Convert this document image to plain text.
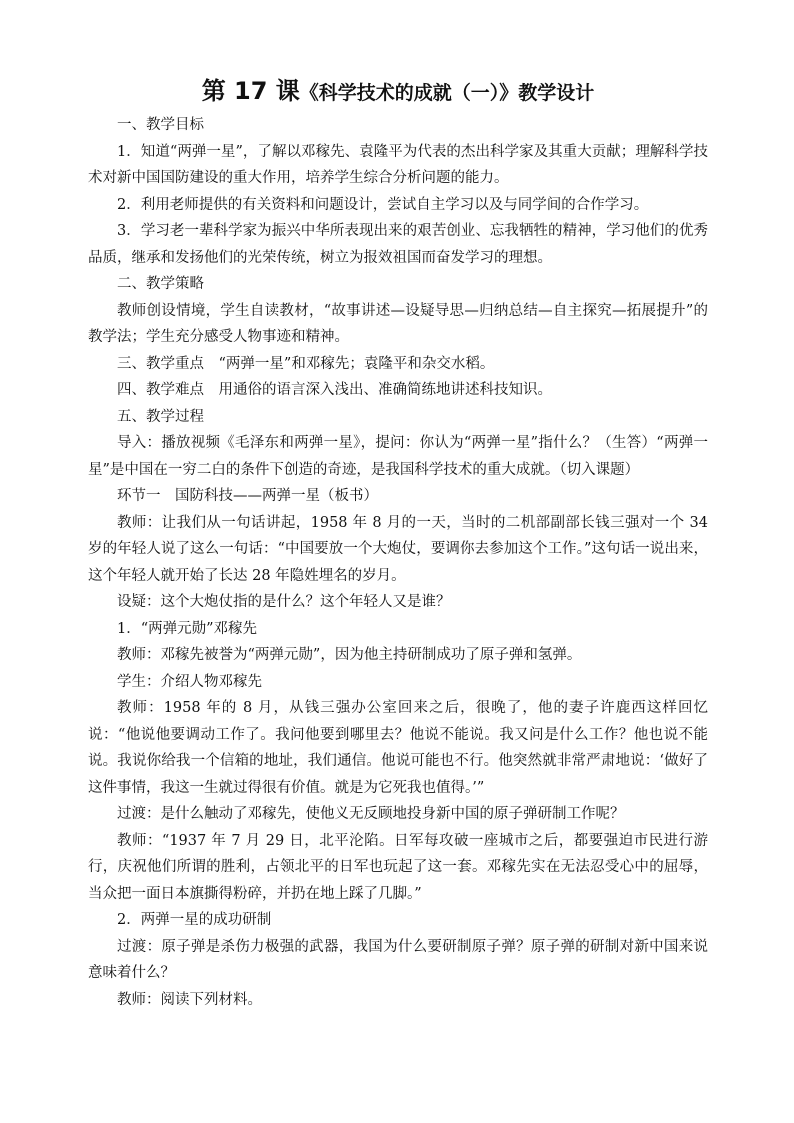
第 17 课《科学技术的成就（一）》教学设计

一、教学目标

1．知道“两弹一星”，了解以邓稼先、袁隆平为代表的杰出科学家及其重大贡献；理解科学技术对新中国国防建设的重大作用，培养学生综合分析问题的能力。

2．利用老师提供的有关资料和问题设计，尝试自主学习以及与同学间的合作学习。

3．学习老一辈科学家为振兴中华所表现出来的艰苦创业、忘我牺牲的精神，学习他们的优秀品质，继承和发扬他们的光荣传统，树立为报效祖国而奋发学习的理想。

二、教学策略

教师创设情境，学生自读教材，“故事讲述—设疑导思—归纳总结—自主探究—拓展提升”的教学法；学生充分感受人物事迹和精神。

三、教学重点　“两弹一星”和邓稼先；袁隆平和杂交水稻。

四、教学难点　用通俗的语言深入浅出、准确简练地讲述科技知识。

五、教学过程

导入：播放视频《毛泽东和两弹一星》，提问：你认为“两弹一星”指什么？（生答）“两弹一星”是中国在一穷二白的条件下创造的奇迹，是我国科学技术的重大成就。（切入课题）

环节一　国防科技——两弹一星（板书）

教师：让我们从一句话讲起，1958 年 8 月的一天，当时的二机部副部长钱三强对一个 34 岁的年轻人说了这么一句话：“中国要放一个大炮仗，要调你去参加这个工作。”这句话一说出来，这个年轻人就开始了长达 28 年隐姓埋名的岁月。

设疑：这个大炮仗指的是什么？这个年轻人又是谁？

1．“两弹元勋”邓稼先

教师：邓稼先被誉为“两弹元勋”，因为他主持研制成功了原子弹和氢弹。

学生：介绍人物邓稼先

教师：1958 年的 8 月，从钱三强办公室回来之后，很晚了，他的妻子许鹿西这样回忆说：“他说他要调动工作了。我问他要到哪里去？他说不能说。我又问是什么工作？他也说不能说。我说你给我一个信箱的地址，我们通信。他说可能也不行。他突然就非常严肃地说：‘做好了这件事情，我这一生就过得很有价值。就是为它死我也值得。’”

过渡：是什么触动了邓稼先，使他义无反顾地投身新中国的原子弹研制工作呢？

教师：“1937 年 7 月 29 日，北平沦陷。日军每攻破一座城市之后，都要强迫市民进行游行，庆祝他们所谓的胜利，占领北平的日军也玩起了这一套。邓稼先实在无法忍受心中的屈辱，当众把一面日本旗撕得粉碎，并扔在地上踩了几脚。”

2．两弹一星的成功研制

过渡：原子弹是杀伤力极强的武器，我国为什么要研制原子弹？原子弹的研制对新中国来说意味着什么？

教师：阅读下列材料。
